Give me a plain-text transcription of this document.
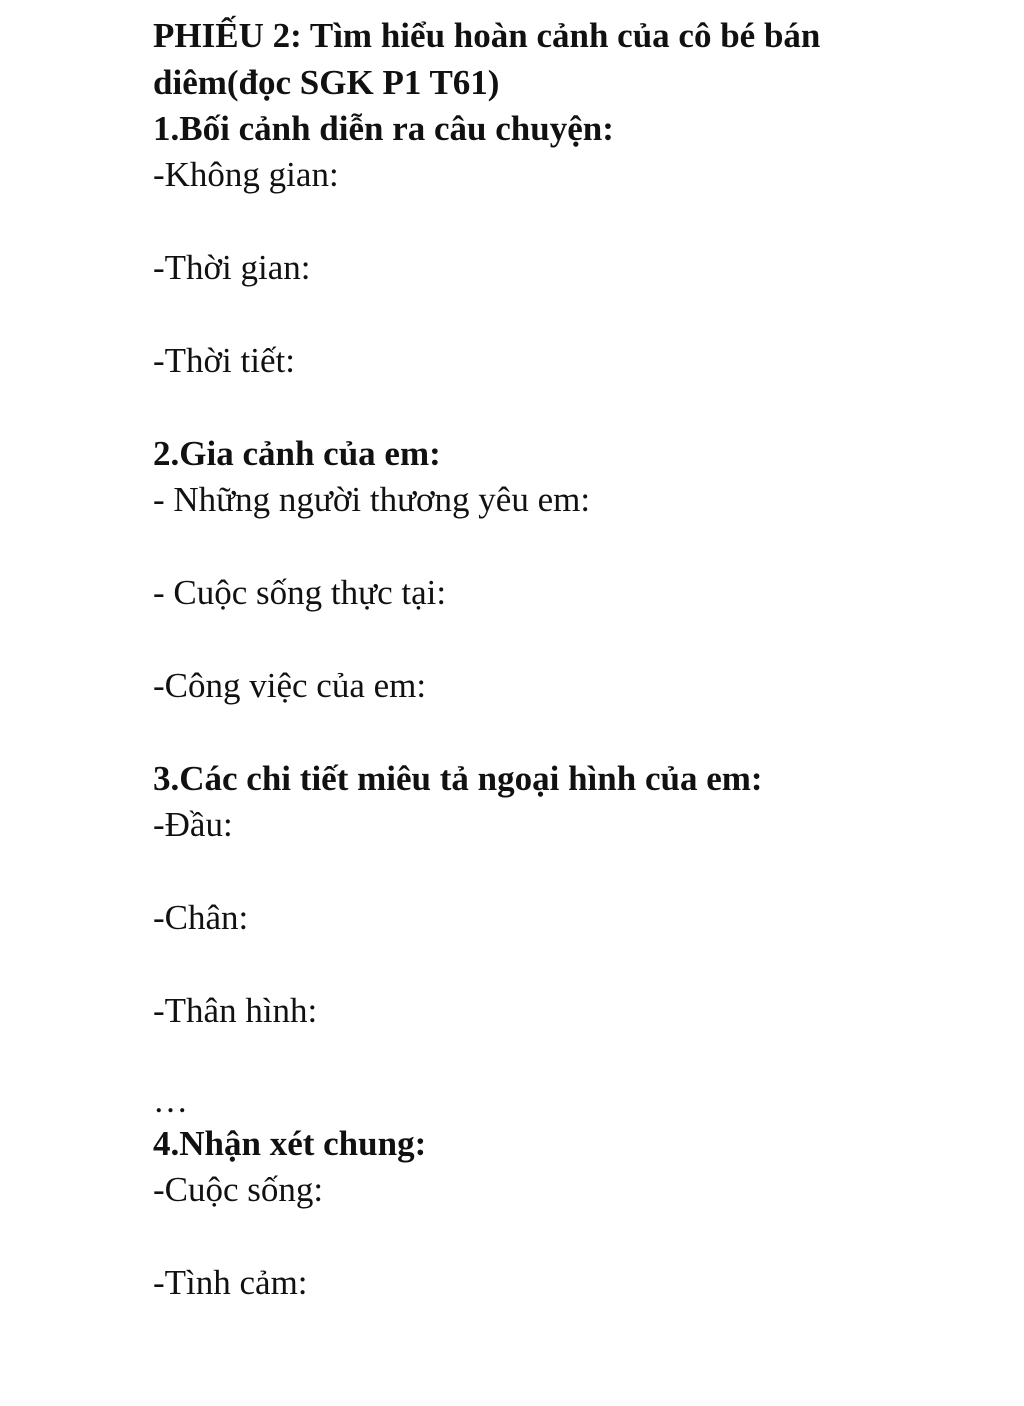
PHIẾU 2: Tìm hiểu hoàn cảnh của cô bé bán

diêm(đọc SGK P1 T61)

1.Bối cảnh diễn ra câu chuyện:

-Không gian:

-Thời gian:

-Thời tiết:

2.Gia cảnh của em:

- Những người thương yêu em:

- Cuộc sống thực tại:

-Công việc của em:

3.Các chi tiết miêu tả ngoại hình của em:

-Đầu:

-Chân:

-Thân hình:

…

4.Nhận xét chung:

-Cuộc sống:

-Tình cảm:
